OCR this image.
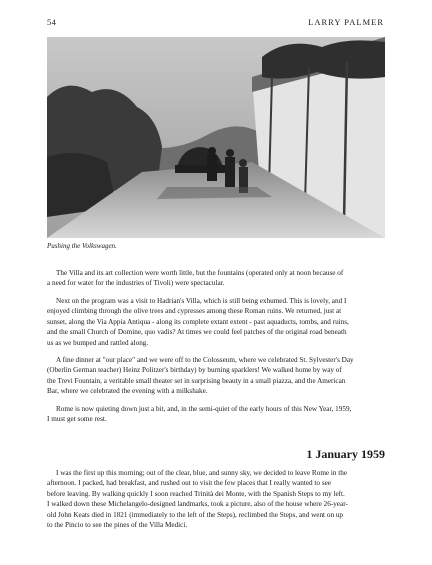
54	LARRY PALMER
Pushing the Volkswagen.

The Villa and its art collection were worth little, but the fountains (operated only at noon because of
a need for water for the industries of Tivoli) were spectacular.

Next on the program was a visit to Hadrian's Villa, which is still being exhumed. This is lovely, and I
enjoyed climbing through the olive trees and cypresses among these Roman ruins. We returned, just at
sunset, along the Via Appia Antiqua - along its complete extant extent - past aquaducts, tombs, and ruins,
and the small Church of Domine, quo vadis? At times we could feel patches of the original road beneath
us as we bumped and rattled along.

A fine dinner at "our place" and we were off to the Colosseum, where we celebrated St. Sylvester's Day
(Oberlin German teacher) Heinz Politzer's birthday) by burning sparklers! We walked home by way of
the Trevi Fountain, a veritable small theater set in surprising beauty in a small piazza, and the American
Bar, where we celebrated the evening with a milkshake.

Rome is now quieting down just a bit, and, in the semi-quiet of the early hours of this New Year, 1959,
I must get some rest.

1 January 1959

I was the first up this morning; out of the clear, blue, and sunny sky, we decided to leave Rome in the
afternoon. I packed, had breakfast, and rushed out to visit the few places that I really wanted to see
before leaving. By walking quickly I soon reached Trinità dei Monte, with the Spanish Steps to my left.
I walked down these Michelangelo-designed landmarks, took a picture, also of the house where 26-year-
old John Keats died in 1821 (immediately to the left of the Steps), reclimbed the Steps, and went on up
to the Pincio to see the pines of the Villa Medici.
